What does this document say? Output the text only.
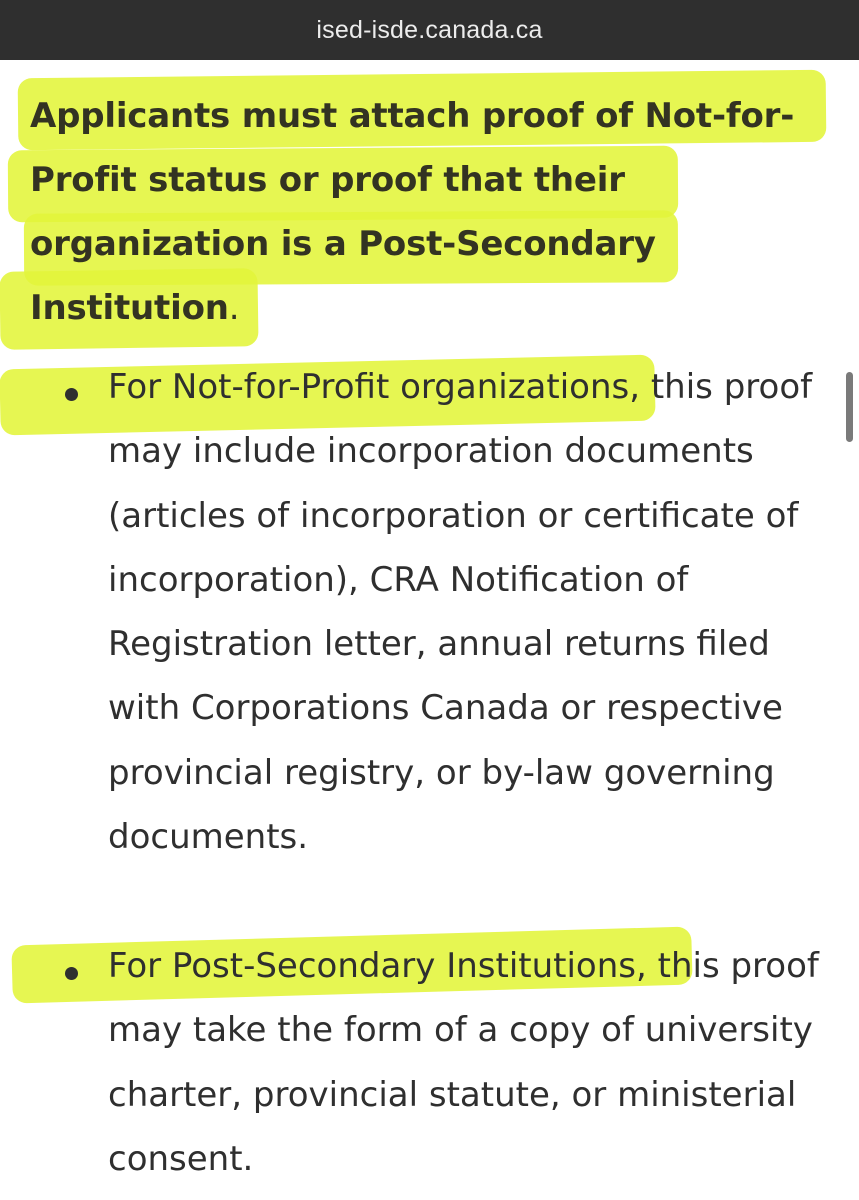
ised-isde.canada.ca
Applicants must attach proof of Not-for-Profit status or proof that their organization is a Post-Secondary Institution.
For Not-for-Profit organizations, this proof may include incorporation documents (articles of incorporation or certificate of incorporation), CRA Notification of Registration letter, annual returns filed with Corporations Canada or respective provincial registry, or by-law governing documents.
For Post-Secondary Institutions, this proof may take the form of a copy of university charter, provincial statute, or ministerial consent.
